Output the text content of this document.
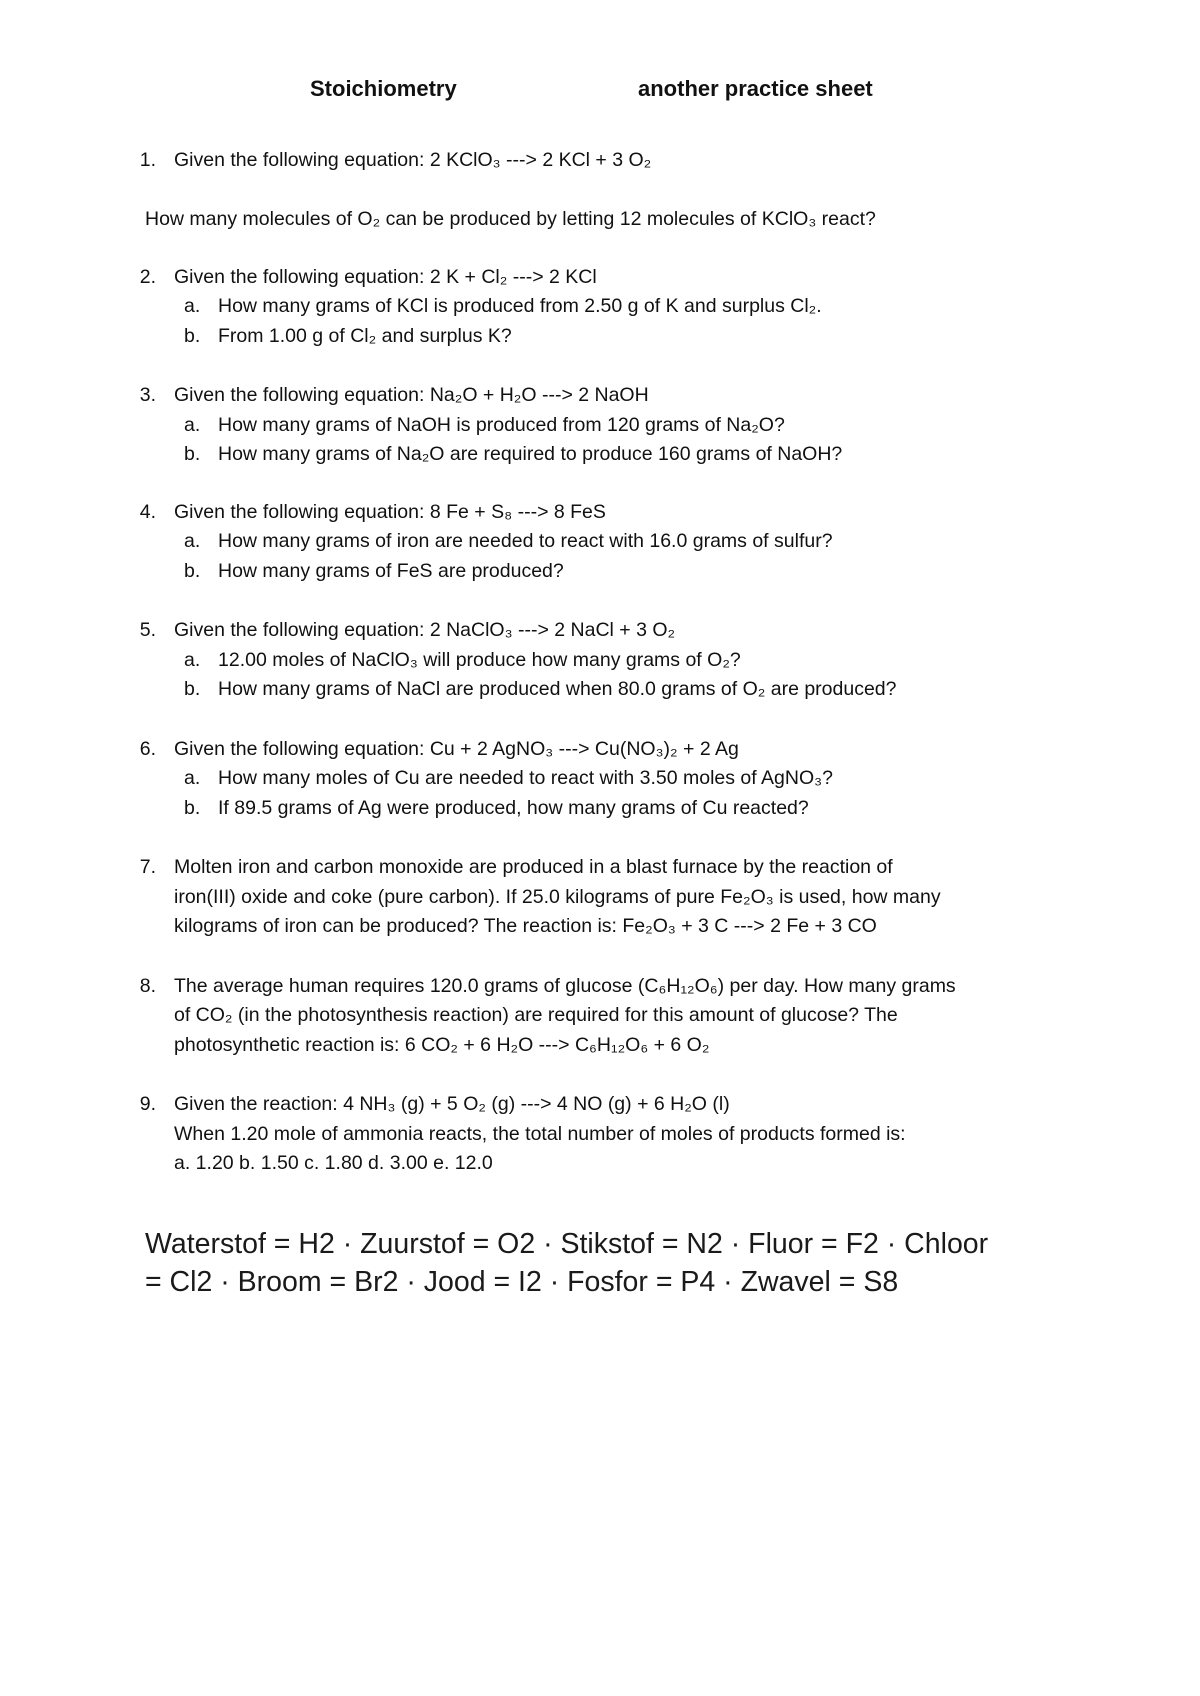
Stoichiometry	another practice sheet
1. Given the following equation: 2 KClO₃ ---> 2 KCl + 3 O₂
How many molecules of O₂ can be produced by letting 12 molecules of KClO₃ react?
2. Given the following equation: 2 K + Cl₂ ---> 2 KCl
a. How many grams of KCl is produced from 2.50 g of K and surplus Cl₂.
b. From 1.00 g of Cl₂ and surplus K?
3. Given the following equation: Na₂O + H₂O ---> 2 NaOH
a. How many grams of NaOH is produced from 120 grams of Na₂O?
b. How many grams of Na₂O are required to produce 160 grams of NaOH?
4. Given the following equation: 8 Fe + S₈ ---> 8 FeS
a. How many grams of iron are needed to react with 16.0 grams of sulfur?
b. How many grams of FeS are produced?
5. Given the following equation: 2 NaClO₃ ---> 2 NaCl + 3 O₂
a. 12.00 moles of NaClO₃ will produce how many grams of O₂?
b. How many grams of NaCl are produced when 80.0 grams of O₂ are produced?
6. Given the following equation: Cu + 2 AgNO₃ ---> Cu(NO₃)₂ + 2 Ag
a. How many moles of Cu are needed to react with 3.50 moles of AgNO₃?
b. If 89.5 grams of Ag were produced, how many grams of Cu reacted?
7. Molten iron and carbon monoxide are produced in a blast furnace by the reaction of
iron(III) oxide and coke (pure carbon). If 25.0 kilograms of pure Fe₂O₃ is used, how many
kilograms of iron can be produced? The reaction is: Fe₂O₃ + 3 C ---> 2 Fe + 3 CO
8. The average human requires 120.0 grams of glucose (C₆H₁₂O₆) per day. How many grams
of CO₂ (in the photosynthesis reaction) are required for this amount of glucose? The
photosynthetic reaction is: 6 CO₂ + 6 H₂O ---> C₆H₁₂O₆ + 6 O₂
9. Given the reaction: 4 NH₃ (g) + 5 O₂ (g) ---> 4 NO (g) + 6 H₂O (l)
When 1.20 mole of ammonia reacts, the total number of moles of products formed is:
a. 1.20 b. 1.50 c. 1.80 d. 3.00 e. 12.0
Waterstof = H2 · Zuurstof = O2 · Stikstof = N2 · Fluor = F2 · Chloor
= Cl2 · Broom = Br2 · Jood = I2 · Fosfor = P4 · Zwavel = S8
